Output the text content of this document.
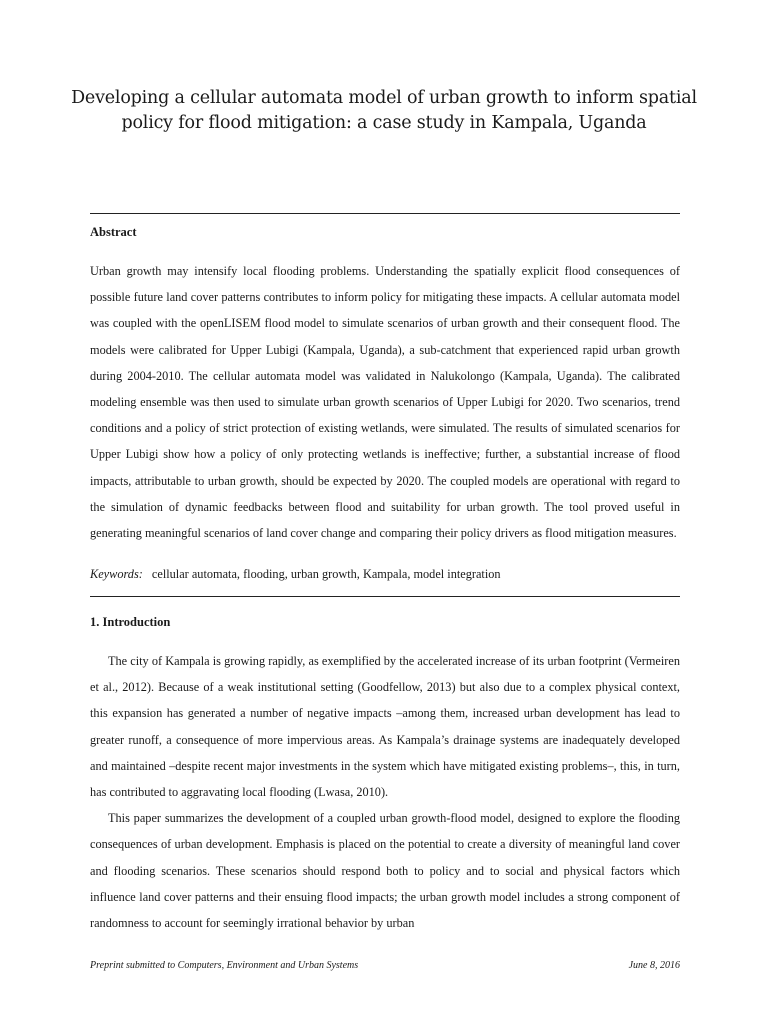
Developing a cellular automata model of urban growth to inform spatial policy for flood mitigation: a case study in Kampala, Uganda
Abstract

Urban growth may intensify local flooding problems. Understanding the spatially explicit flood consequences of possible future land cover patterns contributes to inform policy for mitigating these impacts. A cellular automata model was coupled with the openLISEM flood model to simulate scenarios of urban growth and their consequent flood. The models were calibrated for Upper Lubigi (Kampala, Uganda), a sub-catchment that experienced rapid urban growth during 2004-2010. The cellular automata model was validated in Nalukolongo (Kampala, Uganda). The calibrated modeling ensemble was then used to simulate urban growth scenarios of Upper Lubigi for 2020. Two scenarios, trend conditions and a policy of strict protection of existing wetlands, were simulated. The results of simulated scenarios for Upper Lubigi show how a policy of only protecting wetlands is ineffective; further, a substantial increase of flood impacts, attributable to urban growth, should be expected by 2020. The coupled models are operational with regard to the simulation of dynamic feedbacks between flood and suitability for urban growth. The tool proved useful in generating meaningful scenarios of land cover change and comparing their policy drivers as flood mitigation measures.

Keywords: cellular automata, flooding, urban growth, Kampala, model integration
1. Introduction

The city of Kampala is growing rapidly, as exemplified by the accelerated increase of its urban footprint (Vermeiren et al., 2012). Because of a weak institutional setting (Goodfellow, 2013) but also due to a complex physical context, this expansion has generated a number of negative impacts –among them, increased urban development has lead to greater runoff, a consequence of more impervious areas. As Kampala’s drainage systems are inadequately developed and maintained –despite recent major investments in the system which have mitigated existing problems–, this, in turn, has contributed to aggravating local flooding (Lwasa, 2010).

This paper summarizes the development of a coupled urban growth-flood model, designed to explore the flooding consequences of urban development. Emphasis is placed on the potential to create a diversity of meaningful land cover and flooding scenarios. These scenarios should respond both to policy and to social and physical factors which influence land cover patterns and their ensuing flood impacts; the urban growth model includes a strong component of randomness to account for seemingly irrational behavior by urban

Preprint submitted to Computers, Environment and Urban Systems	June 8, 2016
